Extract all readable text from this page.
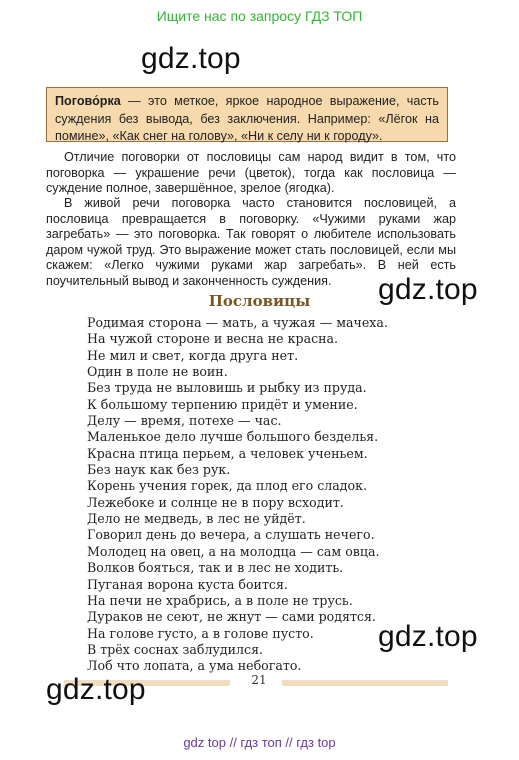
Ищите нас по запросу ГДЗ ТОП
gdz.top
Погово́рка — это меткое, яркое народное выражение, часть суждения без вывода, без заключения. Например: «Лёгок на помине», «Как снег на голову», «Ни к селу ни к городу».
Отличие поговорки от пословицы сам народ видит в том, что поговорка — украшение речи (цветок), тогда как пословица — суждение полное, завершённое, зрелое (ягодка).
В живой речи поговорка часто становится пословицей, а пословица превращается в поговорку. «Чужими руками жар загребать» — это поговорка. Так говорят о любителе использовать даром чужой труд. Это выражение может стать пословицей, если мы скажем: «Легко чужими руками жар загребать». В ней есть поучительный вывод и законченность суждения.	gdz.top
Пословицы
Родимая сторона — мать, а чужая — мачеха.
На чужой стороне и весна не красна.
Не мил и свет, когда друга нет.
Один в поле не воин.
Без труда не выловишь и рыбку из пруда.
К большому терпению придёт и умение.
Делу — время, потехе — час.
Маленькое дело лучше большого безделья.
Красна птица перьем, а человек ученьем.
Без наук как без рук.
Корень учения горек, да плод его сладок.
Лежебоке и солнце не в пору всходит.
Дело не медведь, в лес не уйдёт.
Говорил день до вечера, а слушать нечего.
Молодец на овец, а на молодца — сам овца.
Волков бояться, так и в лес не ходить.
Пуганая ворона куста боится.
На печи не храбрись, а в поле не трусь.
Дураков не сеют, не жнут — сами родятся.
На голове густо, а в голове пусто.
В трёх соснах заблудился.
Лоб что лопата, а ума небогато.
gdz.top
21
gdz.top
gdz top // гдз топ // гдз top
